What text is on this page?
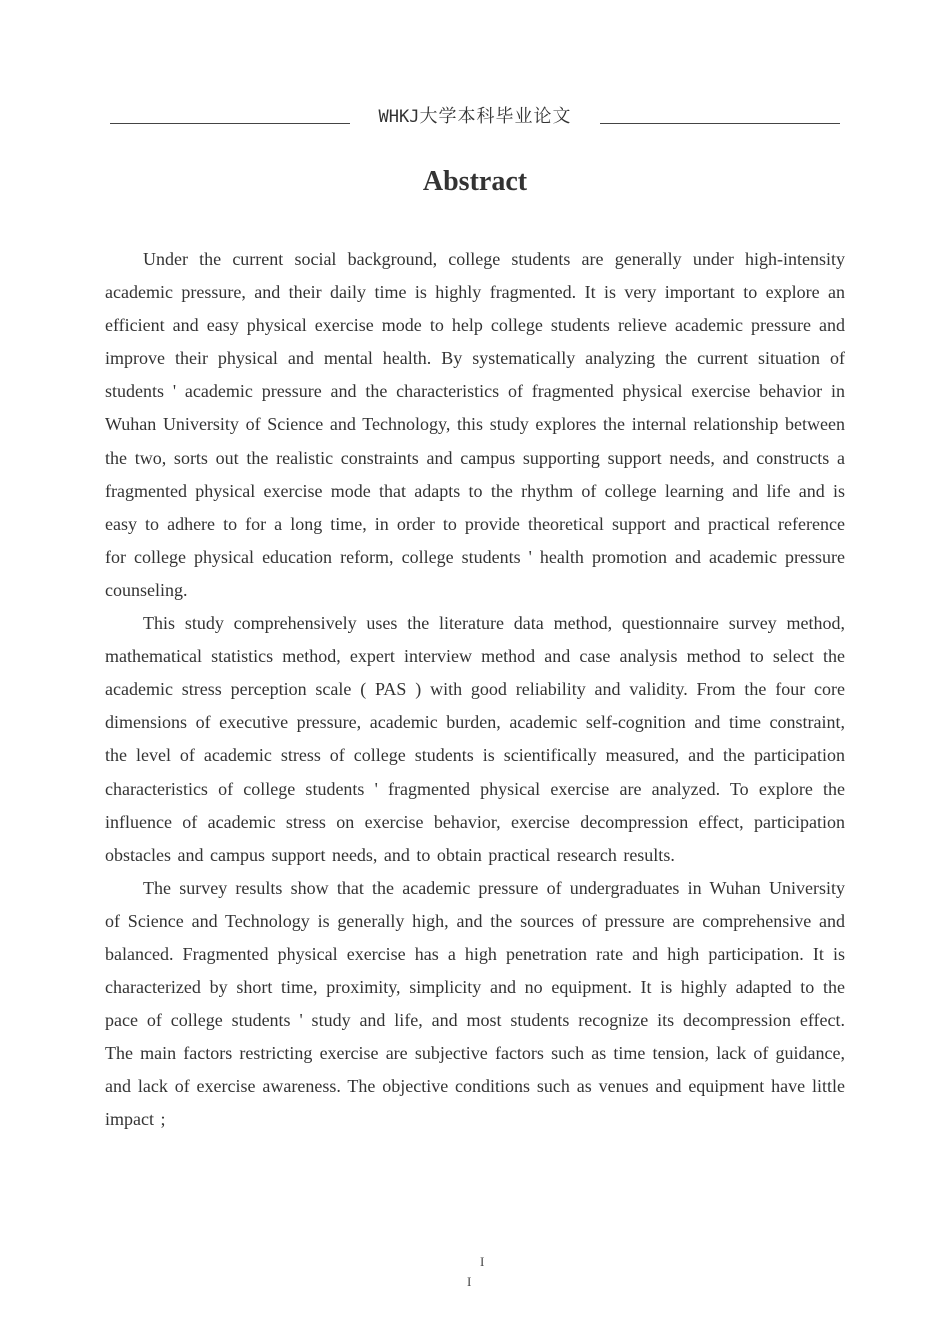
WHKJ大学本科毕业论文
Abstract

Under the current social background, college students are generally under high-intensity academic pressure, and their daily time is highly fragmented. It is very important to explore an efficient and easy physical exercise mode to help college students relieve academic pressure and improve their physical and mental health. By systematically analyzing the current situation of students ' academic pressure and the characteristics of fragmented physical exercise behavior in Wuhan University of Science and Technology, this study explores the internal relationship between the two, sorts out the realistic constraints and campus supporting support needs, and constructs a fragmented physical exercise mode that adapts to the rhythm of college learning and life and is easy to adhere to for a long time, in order to provide theoretical support and practical reference for college physical education reform, college students ' health promotion and academic pressure counseling.

This study comprehensively uses the literature data method, questionnaire survey method, mathematical statistics method, expert interview method and case analysis method to select the academic stress perception scale ( PAS ) with good reliability and validity. From the four core dimensions of executive pressure, academic burden, academic self-cognition and time constraint, the level of academic stress of college students is scientifically measured, and the participation characteristics of college students ' fragmented physical exercise are analyzed. To explore the influence of academic stress on exercise behavior, exercise decompression effect, participation obstacles and campus support needs, and to obtain practical research results.

The survey results show that the academic pressure of undergraduates in Wuhan University of Science and Technology is generally high, and the sources of pressure are comprehensive and balanced. Fragmented physical exercise has a high penetration rate and high participation. It is characterized by short time, proximity, simplicity and no equipment. It is highly adapted to the pace of college students ' study and life, and most students recognize its decompression effect. The main factors restricting exercise are subjective factors such as time tension, lack of guidance, and lack of exercise awareness. The objective conditions such as venues and equipment have little impact ;

I
I
